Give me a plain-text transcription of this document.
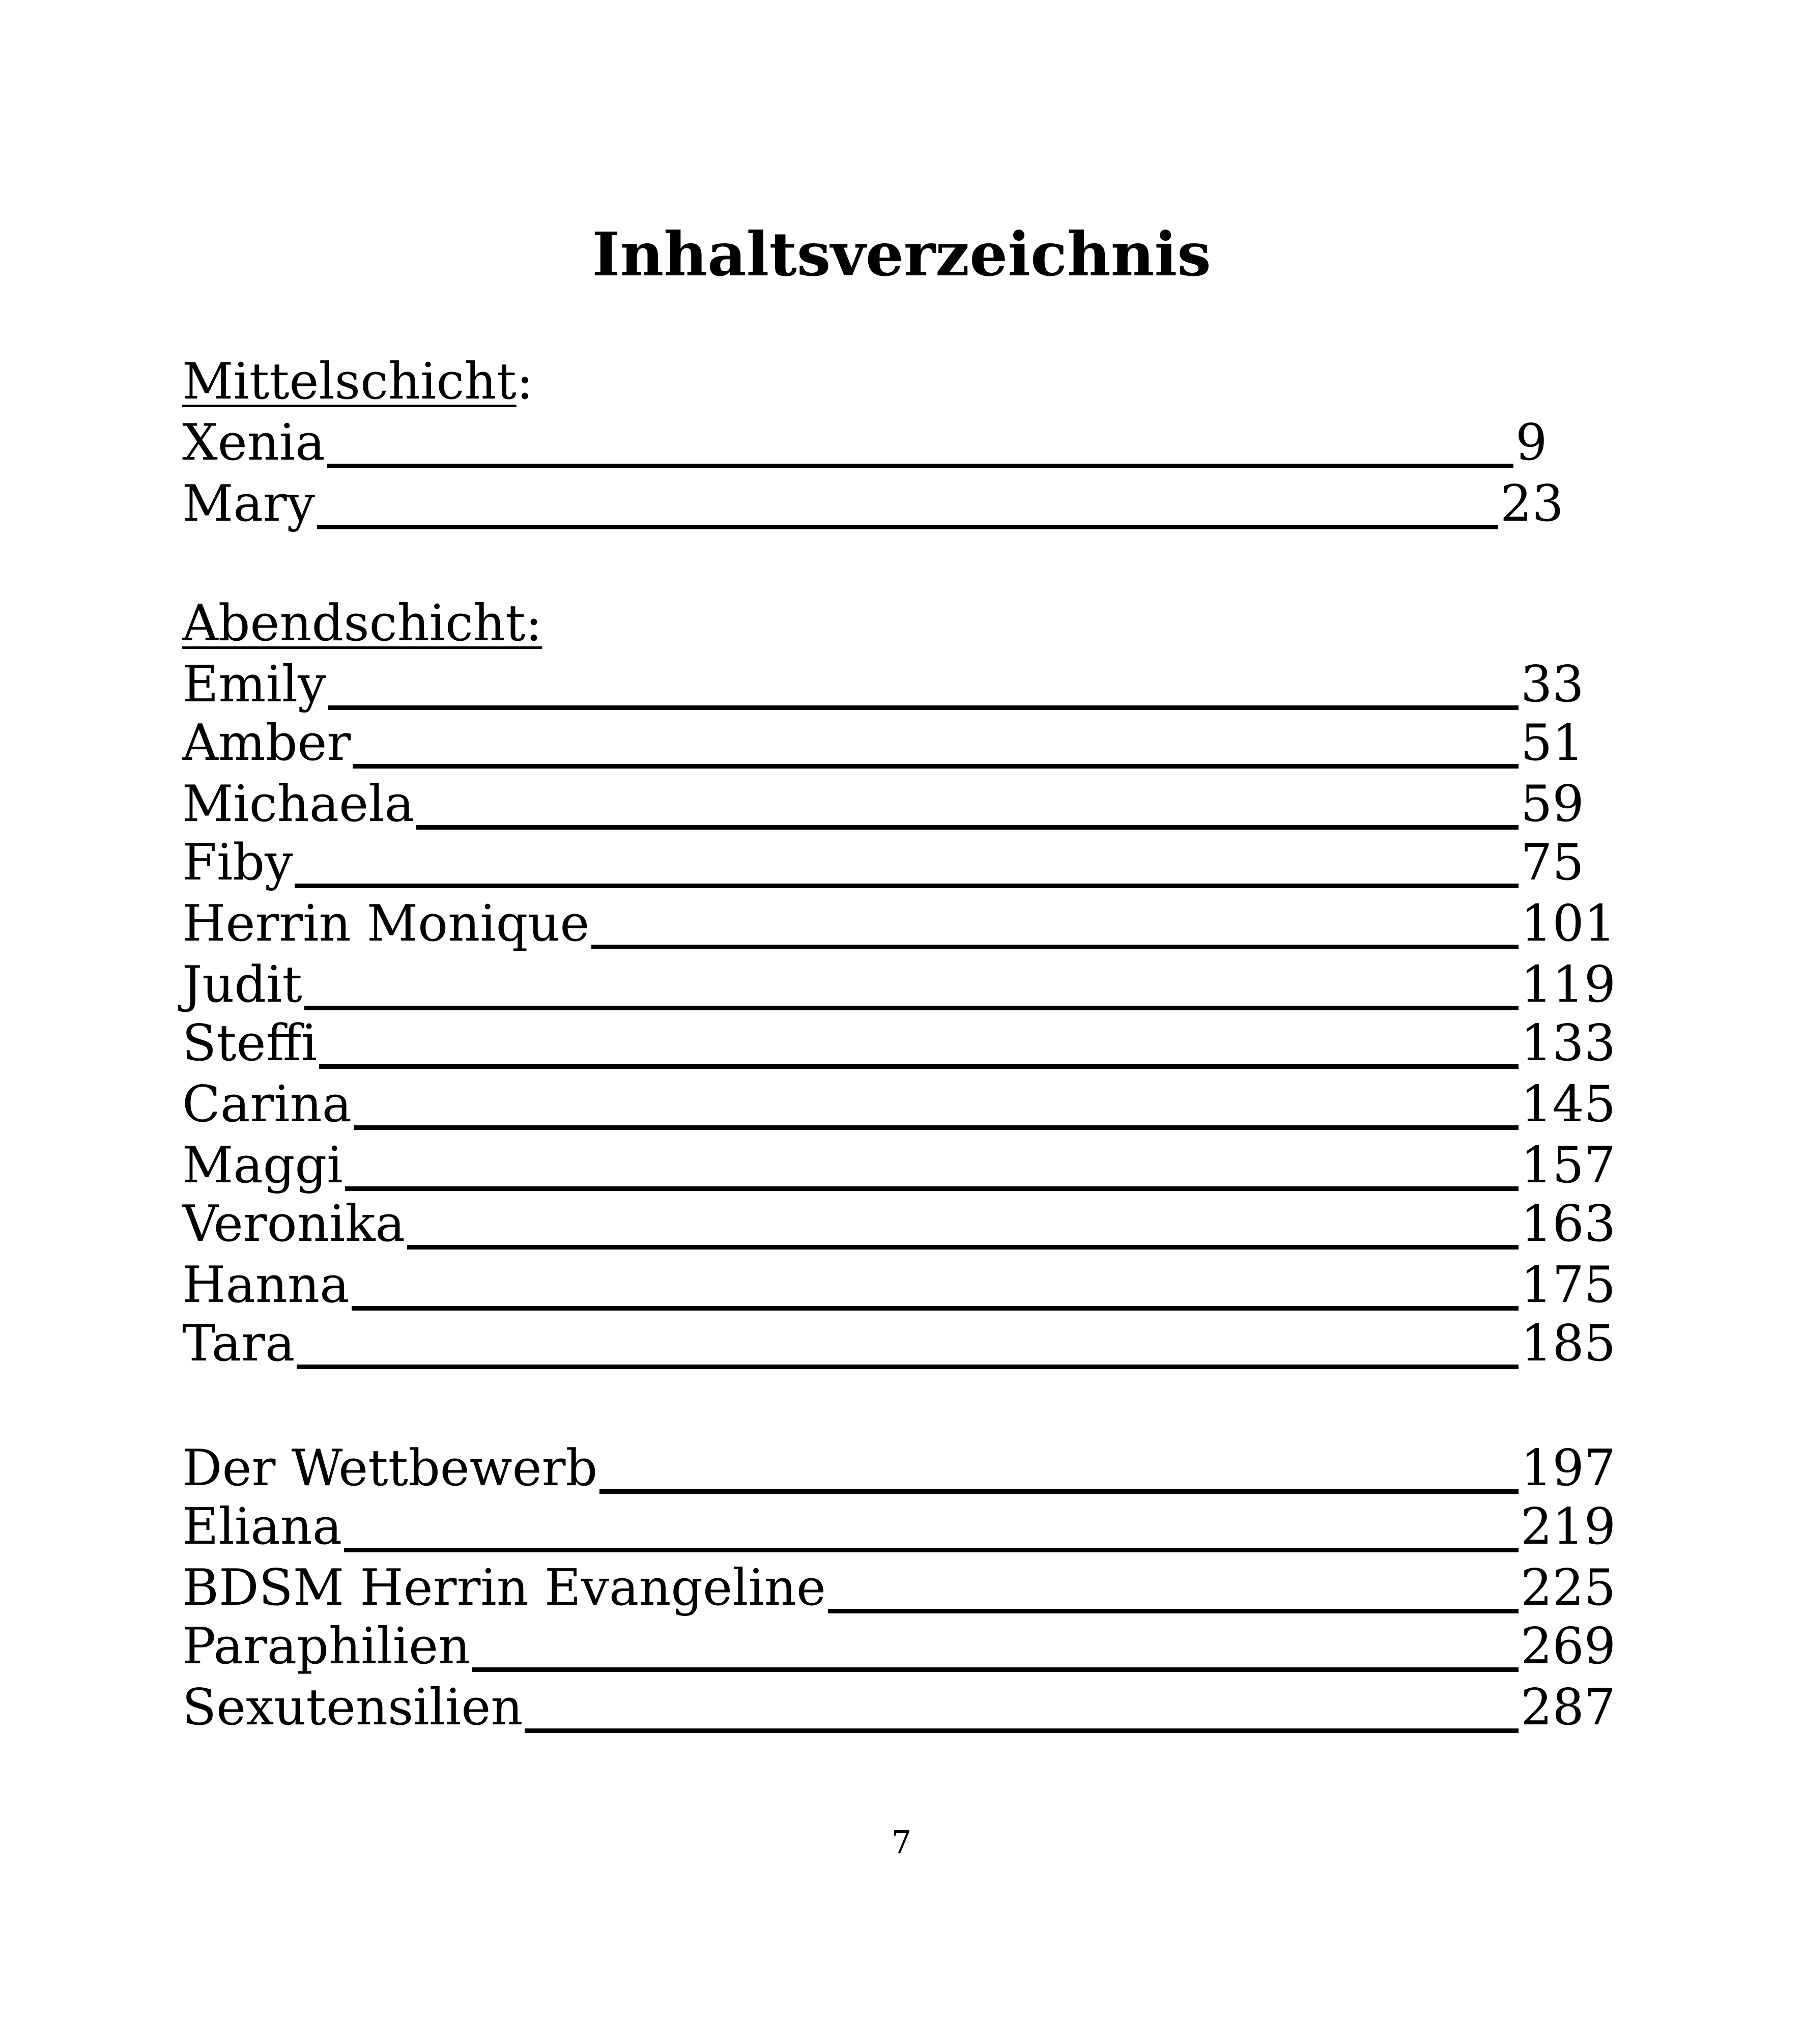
Inhaltsverzeichnis
Mittelschicht:
Xenia	9
Mary	23
Abendschicht:
Emily	33
Amber	51
Michaela	59
Fiby	75
Herrin Monique	101
Judit	119
Steffi	133
Carina	145
Maggi	157
Veronika	163
Hanna	175
Tara	185
Der Wettbewerb	197
Eliana	219
BDSM Herrin Evangeline	225
Paraphilien	269
Sexutensilien	287
7
